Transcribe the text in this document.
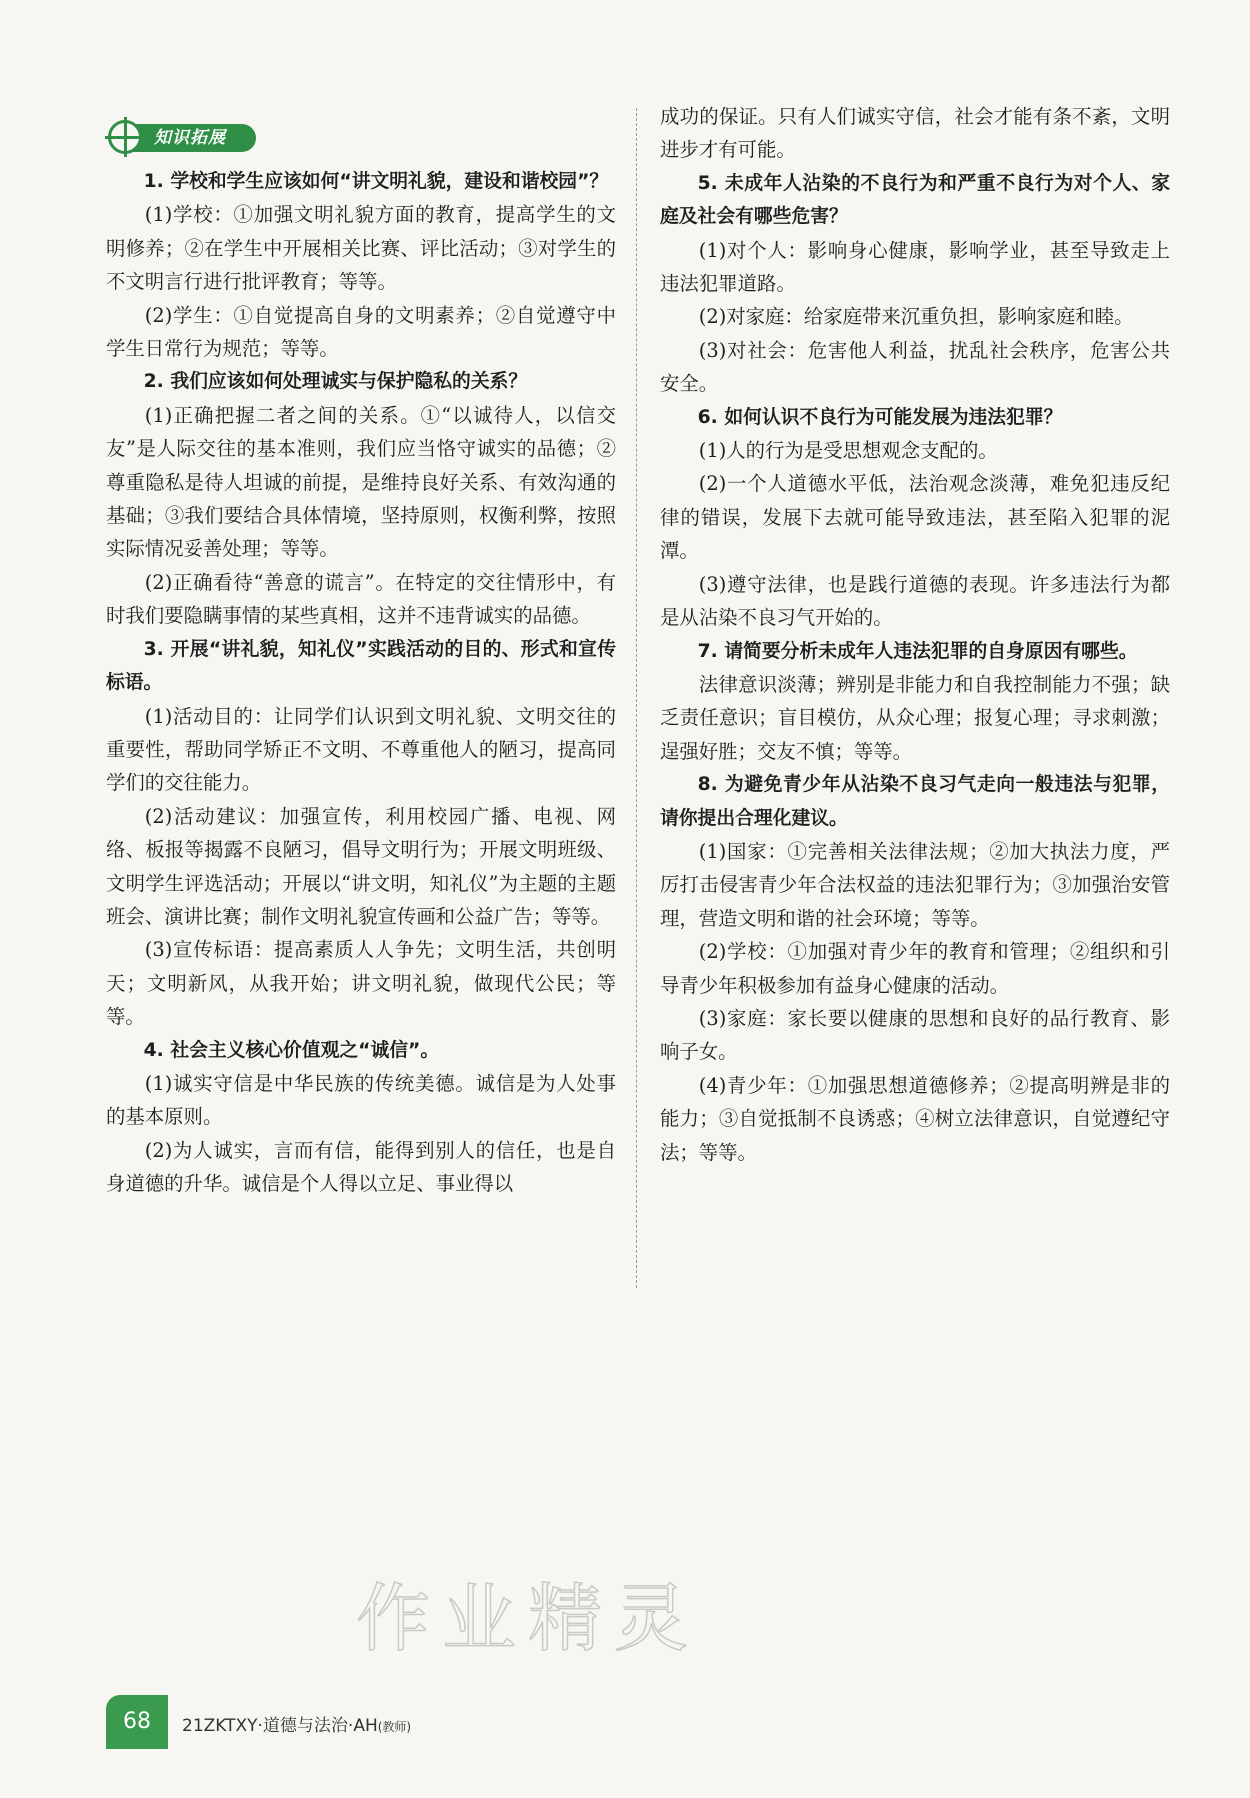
知识拓展

1. 学校和学生应该如何“讲文明礼貌，建设和谐校园”？

(1)学校：①加强文明礼貌方面的教育，提高学生的文明修养；②在学生中开展相关比赛、评比活动；③对学生的不文明言行进行批评教育；等等。

(2)学生：①自觉提高自身的文明素养；②自觉遵守中学生日常行为规范；等等。

2. 我们应该如何处理诚实与保护隐私的关系？

(1)正确把握二者之间的关系。①“以诚待人，以信交友”是人际交往的基本准则，我们应当恪守诚实的品德；②尊重隐私是待人坦诚的前提，是维持良好关系、有效沟通的基础；③我们要结合具体情境，坚持原则，权衡利弊，按照实际情况妥善处理；等等。

(2)正确看待“善意的谎言”。在特定的交往情形中，有时我们要隐瞒事情的某些真相，这并不违背诚实的品德。

3. 开展“讲礼貌，知礼仪”实践活动的目的、形式和宣传标语。

(1)活动目的：让同学们认识到文明礼貌、文明交往的重要性，帮助同学矫正不文明、不尊重他人的陋习，提高同学们的交往能力。

(2)活动建议：加强宣传，利用校园广播、电视、网络、板报等揭露不良陋习，倡导文明行为；开展文明班级、文明学生评选活动；开展以“讲文明，知礼仪”为主题的主题班会、演讲比赛；制作文明礼貌宣传画和公益广告；等等。

(3)宣传标语：提高素质人人争先；文明生活，共创明天；文明新风，从我开始；讲文明礼貌，做现代公民；等等。

4. 社会主义核心价值观之“诚信”。

(1)诚实守信是中华民族的传统美德。诚信是为人处事的基本原则。

(2)为人诚实，言而有信，能得到别人的信任，也是自身道德的升华。诚信是个人得以立足、事业得以

成功的保证。只有人们诚实守信，社会才能有条不紊，文明进步才有可能。

5. 未成年人沾染的不良行为和严重不良行为对个人、家庭及社会有哪些危害？

(1)对个人：影响身心健康，影响学业，甚至导致走上违法犯罪道路。

(2)对家庭：给家庭带来沉重负担，影响家庭和睦。

(3)对社会：危害他人利益，扰乱社会秩序，危害公共安全。

6. 如何认识不良行为可能发展为违法犯罪？

(1)人的行为是受思想观念支配的。

(2)一个人道德水平低，法治观念淡薄，难免犯违反纪律的错误，发展下去就可能导致违法，甚至陷入犯罪的泥潭。

(3)遵守法律，也是践行道德的表现。许多违法行为都是从沾染不良习气开始的。

7. 请简要分析未成年人违法犯罪的自身原因有哪些。

法律意识淡薄；辨别是非能力和自我控制能力不强；缺乏责任意识；盲目模仿，从众心理；报复心理；寻求刺激；逞强好胜；交友不慎；等等。

8. 为避免青少年从沾染不良习气走向一般违法与犯罪，请你提出合理化建议。

(1)国家：①完善相关法律法规；②加大执法力度，严厉打击侵害青少年合法权益的违法犯罪行为；③加强治安管理，营造文明和谐的社会环境；等等。

(2)学校：①加强对青少年的教育和管理；②组织和引导青少年积极参加有益身心健康的活动。

(3)家庭：家长要以健康的思想和良好的品行教育、影响子女。

(4)青少年：①加强思想道德修养；②提高明辨是非的能力；③自觉抵制不良诱惑；④树立法律意识，自觉遵纪守法；等等。

作业精灵
68	21ZKTXY·道德与法治·AH(教师)
